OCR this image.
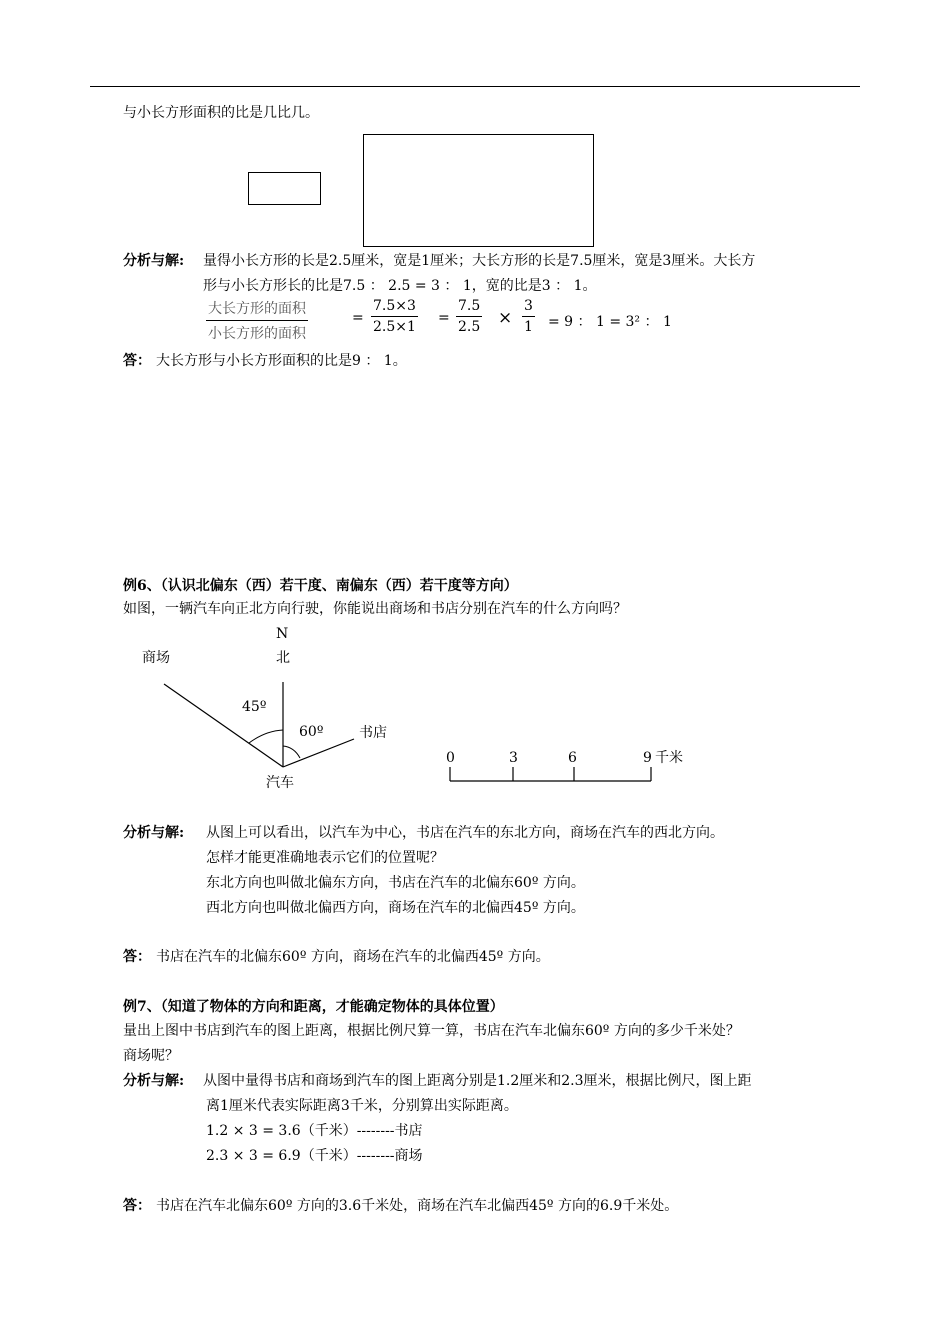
与小长方形面积的比是几比几。
分析与解: 量得小长方形的长是2.5厘米，宽是1厘米；大长方形的长是7.5厘米，宽是3厘米。大长方
形与小长方形长的比是7.5 ： 2.5 = 3 ： 1，宽的比是3 ： 1。
大长方形的面积
小长方形的面积
= $\frac{7.5\times 3}{2.5\times 1} = \frac{7.5}{2.5} \times \frac{3}{1} = 9$ ： 1 = 3² ： 1
答： 大长方形与小长方形面积的比是9 ： 1。
例6、（认识北偏东（西）若干度、南偏东（西）若干度等方向）
如图，一辆汽车向正北方向行驶，你能说出商场和书店分别在汽车的什么方向吗？
N
北
商场
书店
汽车
45º
60º
0	3	6	9 千米
分析与解: 从图上可以看出，以汽车为中心，书店在汽车的东北方向，商场在汽车的西北方向。
怎样才能更准确地表示它们的位置呢？
东北方向也叫做北偏东方向，书店在汽车的北偏东60º 方向。
西北方向也叫做北偏西方向，商场在汽车的北偏西45º 方向。
答： 书店在汽车的北偏东60º 方向，商场在汽车的北偏西45º 方向。
例7、（知道了物体的方向和距离，才能确定物体的具体位置）
量出上图中书店到汽车的图上距离，根据比例尺算一算，书店在汽车北偏东60º 方向的多少千米处？
商场呢？
分析与解: 从图中量得书店和商场到汽车的图上距离分别是1.2厘米和2.3厘米，根据比例尺，图上距
离1厘米代表实际距离3千米，分别算出实际距离。
1.2 × 3 = 3.6（千米）--------书店
2.3 × 3 = 6.9（千米）--------商场
答： 书店在汽车北偏东60º 方向的3.6千米处，商场在汽车北偏西45º 方向的6.9千米处。
